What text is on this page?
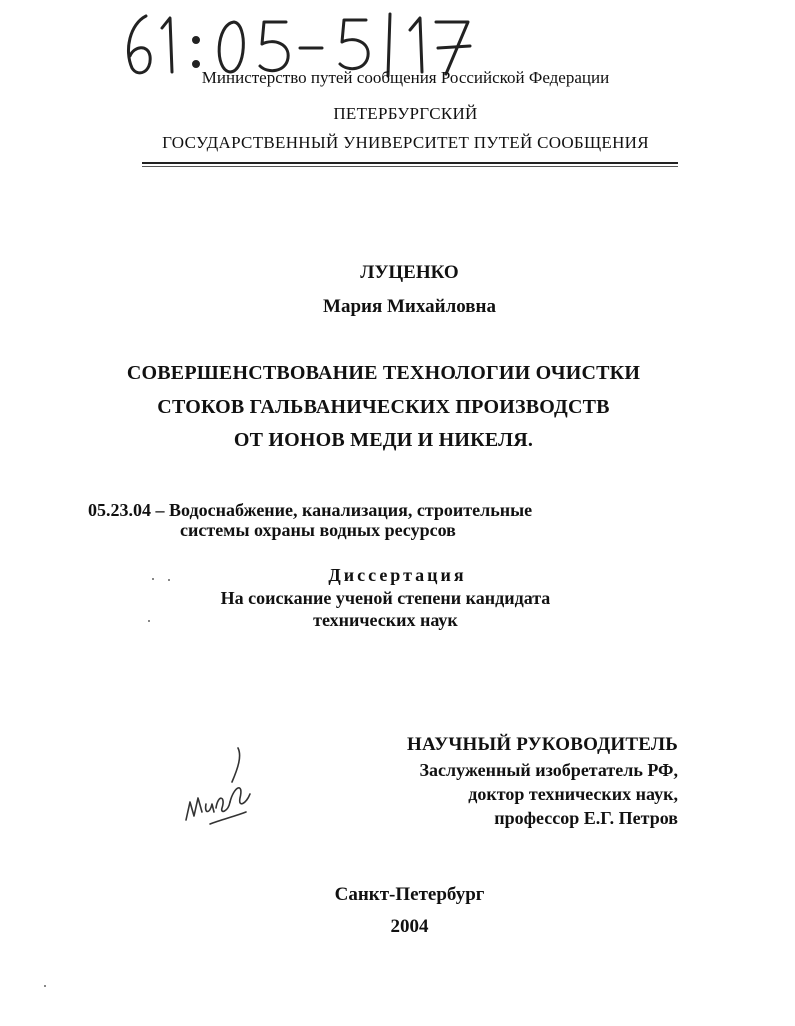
Министерство путей сообщения Российской Федерации
ПЕТЕРБУРГСКИЙ
ГОСУДАРСТВЕННЫЙ УНИВЕРСИТЕТ ПУТЕЙ СООБЩЕНИЯ
ЛУЦЕНКО
Мария Михайловна
СОВЕРШЕНСТВОВАНИЕ ТЕХНОЛОГИИ ОЧИСТКИ
СТОКОВ ГАЛЬВАНИЧЕСКИХ ПРОИЗВОДСТВ
ОТ ИОНОВ МЕДИ И НИКЕЛЯ.
05.23.04 – Водоснабжение, канализация, строительные
системы охраны водных ресурсов
Диссертация
На соискание ученой степени кандидата
технических наук
НАУЧНЫЙ РУКОВОДИТЕЛЬ
Заслуженный изобретатель РФ,
доктор технических наук,
профессор Е.Г. Петров
Санкт-Петербург
2004
